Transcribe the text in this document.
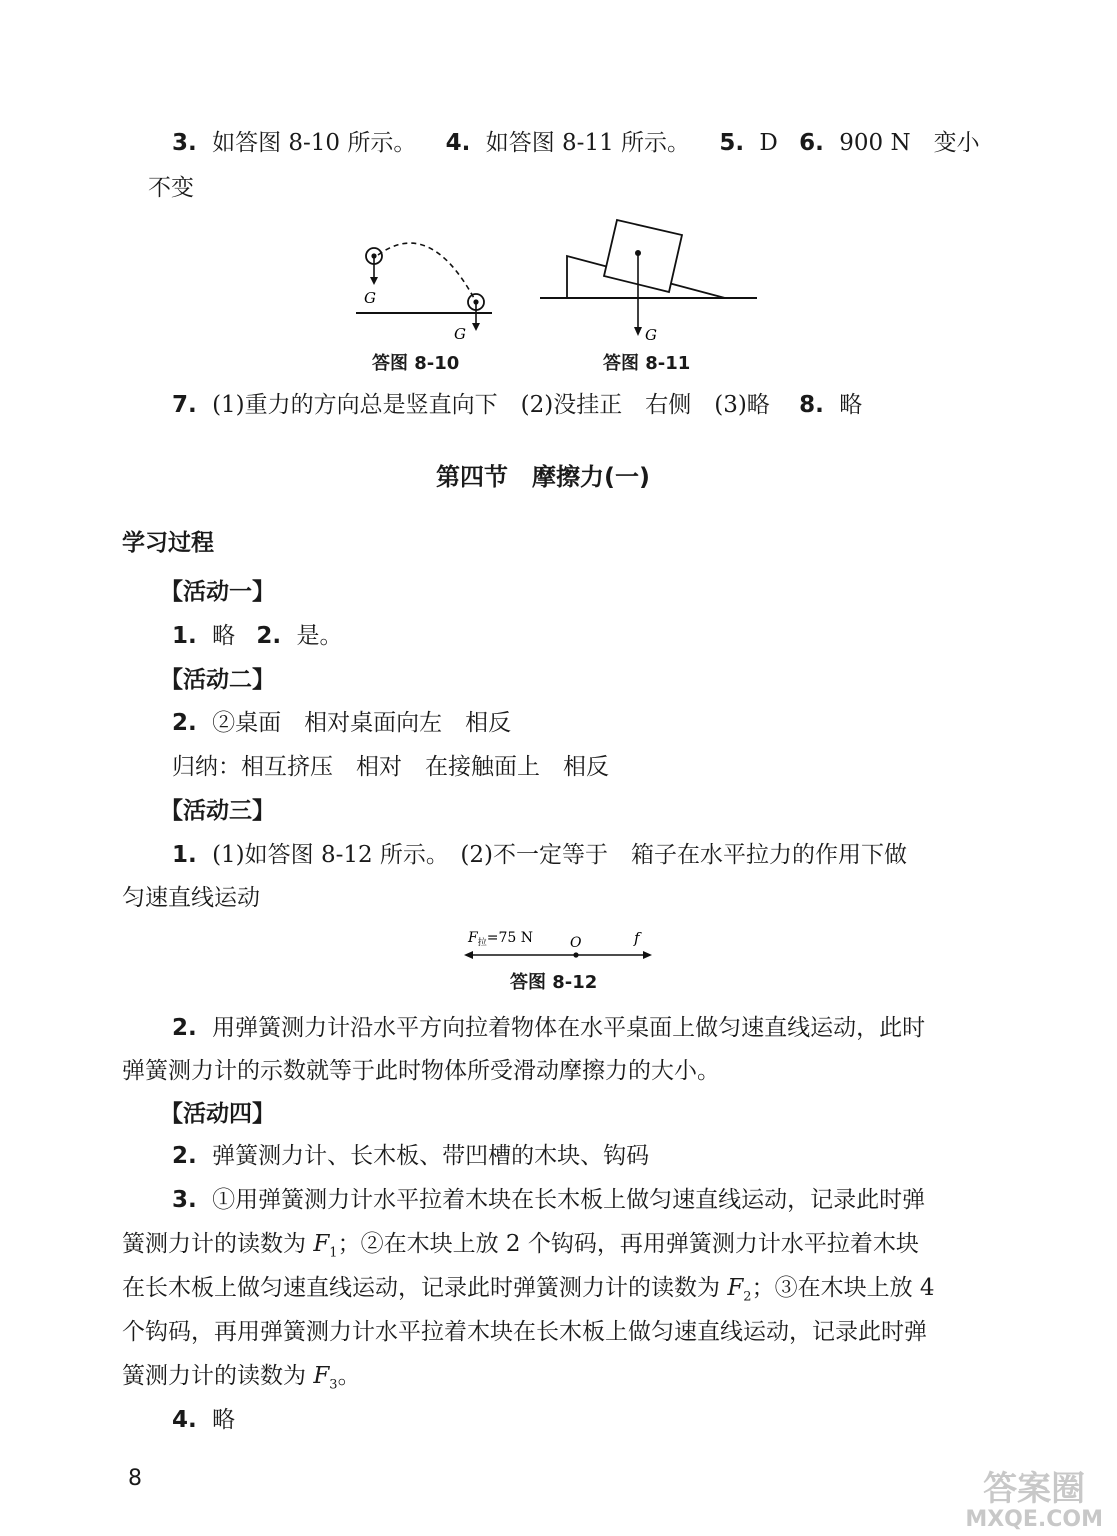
3. 如答图 8-10 所示。 4. 如答图 8-11 所示。 5. D 6. 900 N　变小
不变
G
G
答图 8-10
G
答图 8-11
7. (1)重力的方向总是竖直向下　(2)没挂正　右侧　(3)略 8. 略
第四节　摩擦力(一)
学习过程
【活动一】
1. 略 2. 是。
【活动二】
2. ②桌面　相对桌面向左　相反
归纳：相互挤压　相对　在接触面上　相反
【活动三】
1. (1)如答图 8-12 所示。　(2)不一定等于　箱子在水平拉力的作用下做
匀速直线运动
$F_拉=75$ N	O	f
答图 8-12
2. 用弹簧测力计沿水平方向拉着物体在水平桌面上做匀速直线运动，此时
弹簧测力计的示数就等于此时物体所受滑动摩擦力的大小。
【活动四】
2. 弹簧测力计、长木板、带凹槽的木块、钩码
3. ①用弹簧测力计水平拉着木块在长木板上做匀速直线运动，记录此时弹
簧测力计的读数为 $F_1$；②在木块上放 2 个钩码，再用弹簧测力计水平拉着木块
在长木板上做匀速直线运动，记录此时弹簧测力计的读数为 $F_2$；③在木块上放 4
个钩码，再用弹簧测力计水平拉着木块在长木板上做匀速直线运动，记录此时弹
簧测力计的读数为 $F_3$。
4. 略
8	答案圈
MXQE.COM
